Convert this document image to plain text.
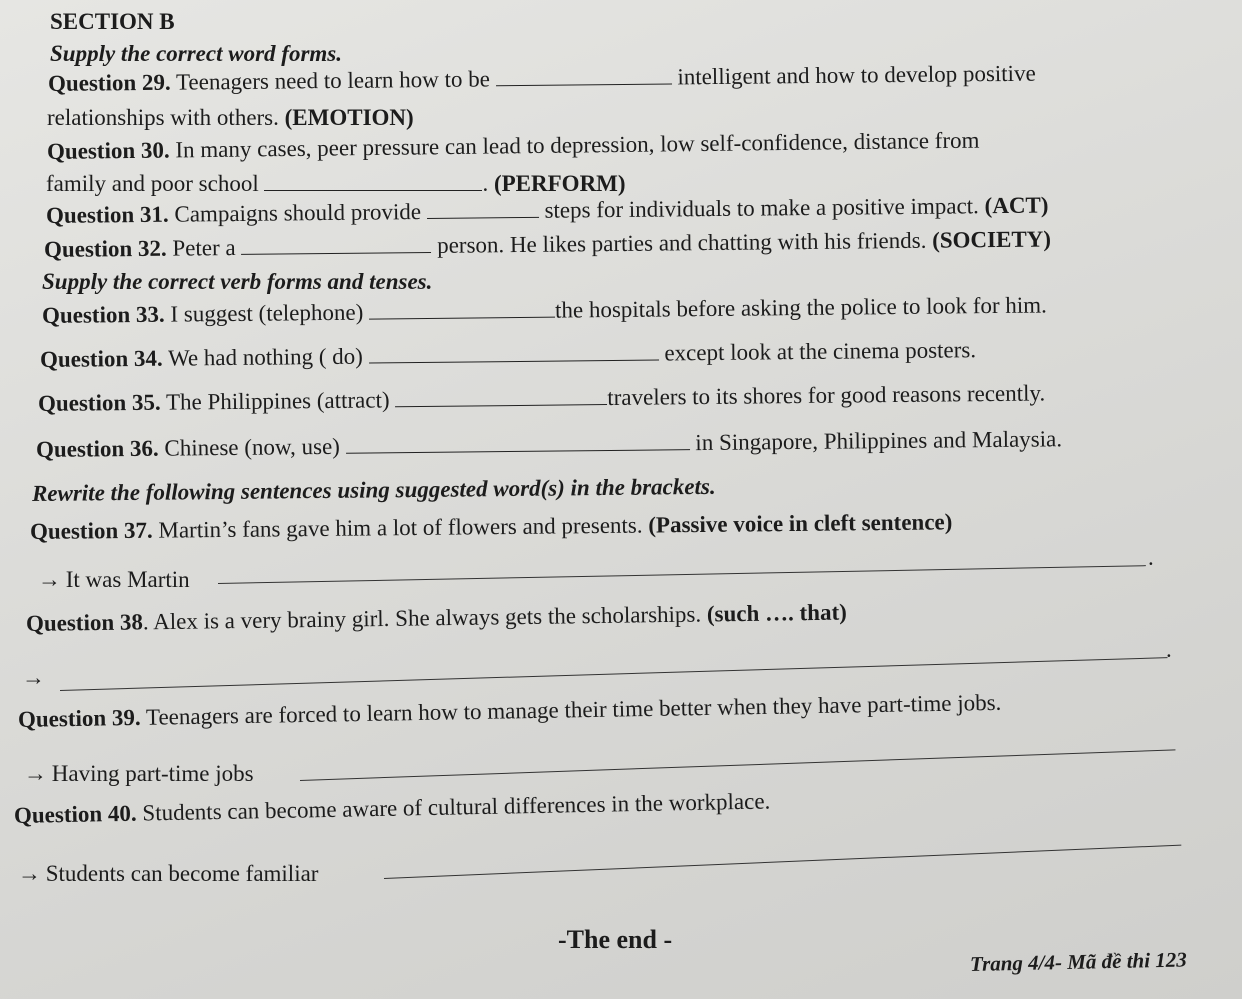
SECTION B
Supply the correct word forms.
Question 29. Teenagers need to learn how to be	intelligent and how to develop positive
relationships with others. (EMOTION)
Question 30. In many cases, peer pressure can lead to depression, low self-confidence, distance from
family and poor school	. (PERFORM)
Question 31. Campaigns should provide	steps for individuals to make a positive impact. (ACT)
Question 32. Peter a	person. He likes parties and chatting with his friends. (SOCIETY)
Supply the correct verb forms and tenses.
Question 33. I suggest (telephone)	the hospitals before asking the police to look for him.
Question 34. We had nothing ( do)	except look at the cinema posters.
Question 35. The Philippines (attract)	travelers to its shores for good reasons recently.
Question 36. Chinese (now, use)	in Singapore, Philippines and Malaysia.
Rewrite the following sentences using suggested word(s) in the brackets.
Question 37. Martin’s fans gave him a lot of flowers and presents. (Passive voice in cleft sentence)
→ It was Martin
.
Question 38. Alex is a very brainy girl. She always gets the scholarships. (such …. that)
→
.
Question 39. Teenagers are forced to learn how to manage their time better when they have part-time jobs.
→ Having part-time jobs
Question 40. Students can become aware of cultural differences in the workplace.
→ Students can become familiar
-The end -
Trang 4/4- Mã đề thi 123
